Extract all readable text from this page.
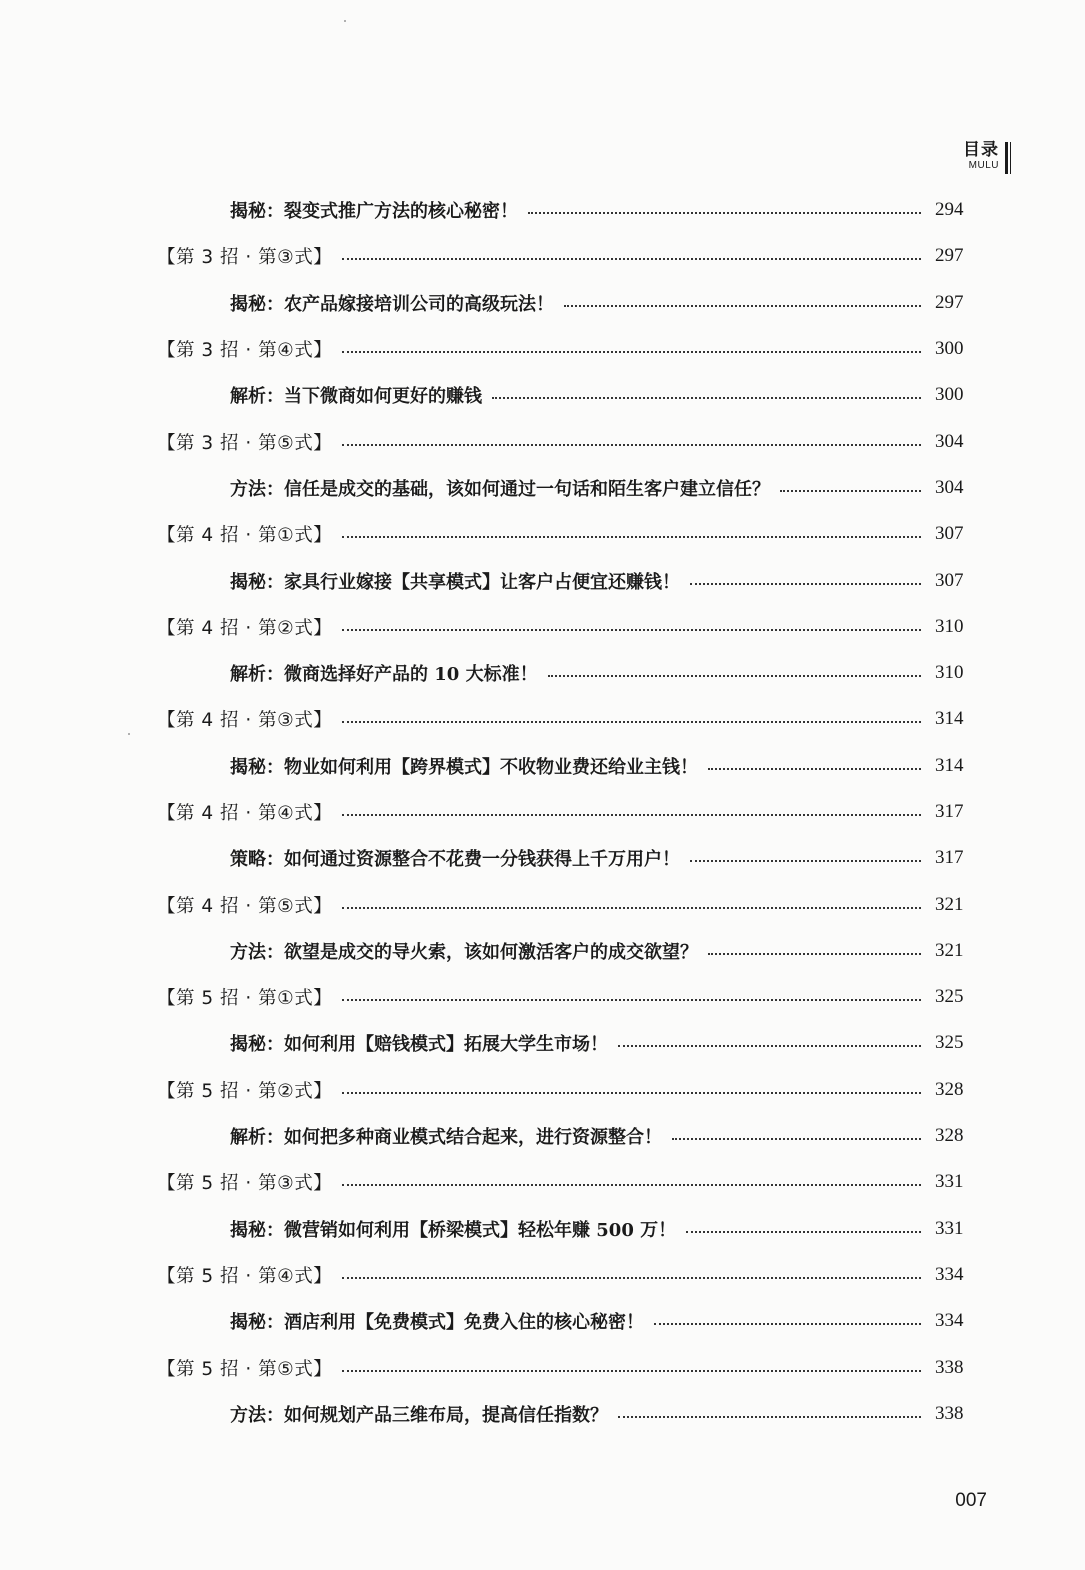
目录
MULU
揭秘：裂变式推广方法的核心秘密！	294
【第 3 招 · 第③式】	297
揭秘：农产品嫁接培训公司的高级玩法！	297
【第 3 招 · 第④式】	300
解析：当下微商如何更好的赚钱	300
【第 3 招 · 第⑤式】	304
方法：信任是成交的基础，该如何通过一句话和陌生客户建立信任？	304
【第 4 招 · 第①式】	307
揭秘：家具行业嫁接【共享模式】让客户占便宜还赚钱！	307
【第 4 招 · 第②式】	310
解析：微商选择好产品的 10 大标准！	310
【第 4 招 · 第③式】	314
揭秘：物业如何利用【跨界模式】不收物业费还给业主钱！	314
【第 4 招 · 第④式】	317
策略：如何通过资源整合不花费一分钱获得上千万用户！	317
【第 4 招 · 第⑤式】	321
方法：欲望是成交的导火索，该如何激活客户的成交欲望？	321
【第 5 招 · 第①式】	325
揭秘：如何利用【赔钱模式】拓展大学生市场！	325
【第 5 招 · 第②式】	328
解析：如何把多种商业模式结合起来，进行资源整合！	328
【第 5 招 · 第③式】	331
揭秘：微营销如何利用【桥梁模式】轻松年赚 500 万！	331
【第 5 招 · 第④式】	334
揭秘：酒店利用【免费模式】免费入住的核心秘密！	334
【第 5 招 · 第⑤式】	338
方法：如何规划产品三维布局，提高信任指数？	338
007
